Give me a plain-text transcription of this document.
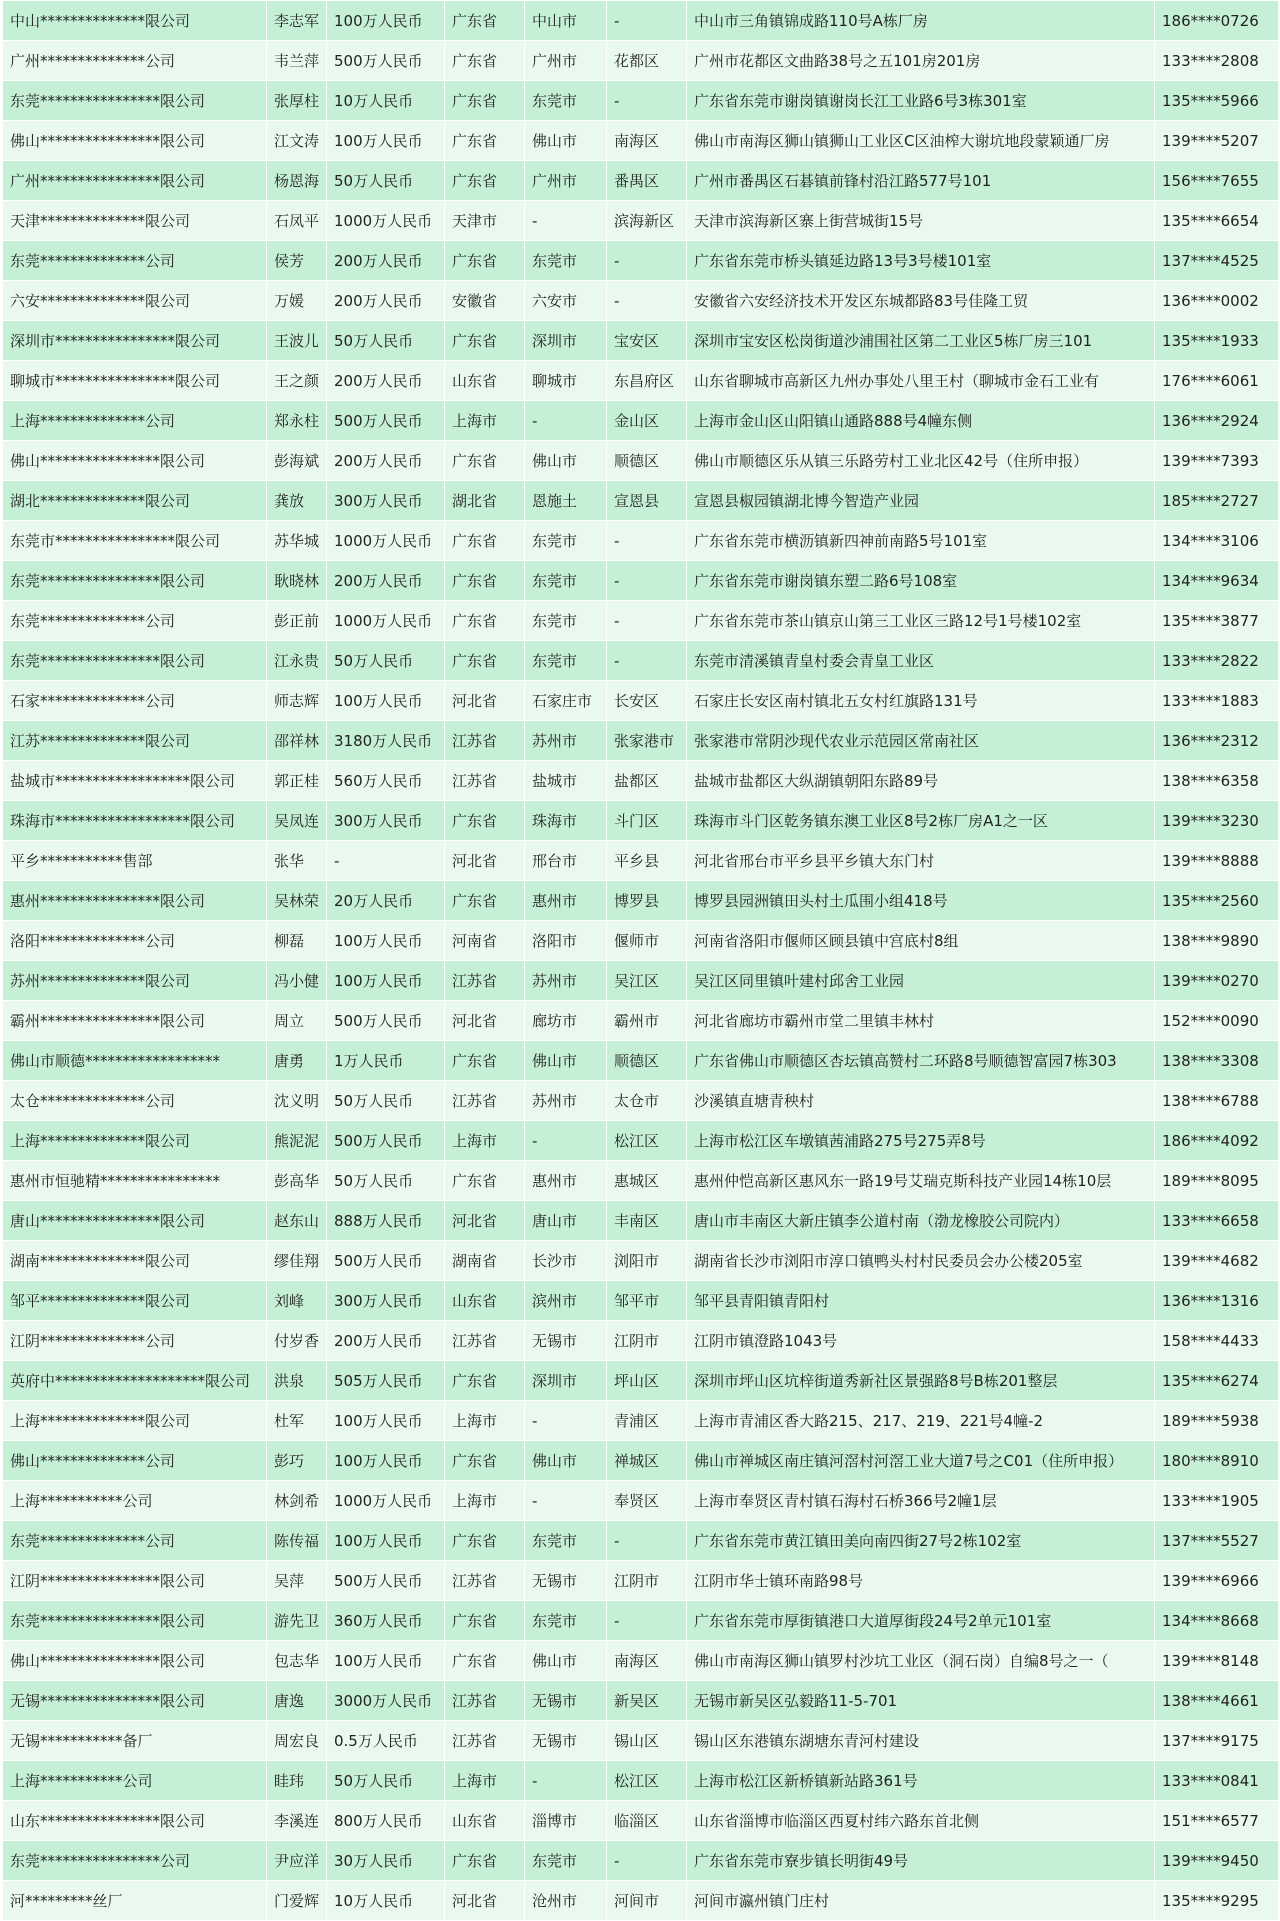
中山**************限公司	李志军	100万人民币	广东省	中山市	-	中山市三角镇锦成路110号A栋厂房	186****0726
广州**************公司	韦兰萍	500万人民币	广东省	广州市	花都区	广州市花都区文曲路38号之五101房201房	133****2808
东莞****************限公司	张厚柱	10万人民币	广东省	东莞市	-	广东省东莞市谢岗镇谢岗长江工业路6号3栋301室	135****5966
佛山****************限公司	江文涛	100万人民币	广东省	佛山市	南海区	佛山市南海区狮山镇狮山工业区C区油榨大谢坑地段蒙颖通厂房	139****5207
广州****************限公司	杨恩海	50万人民币	广东省	广州市	番禺区	广州市番禺区石碁镇前锋村沿江路577号101	156****7655
天津**************限公司	石凤平	1000万人民币	天津市	-	滨海新区	天津市滨海新区寨上街营城街15号	135****6654
东莞**************公司	侯芳	200万人民币	广东省	东莞市	-	广东省东莞市桥头镇延边路13号3号楼101室	137****4525
六安**************限公司	万媛	200万人民币	安徽省	六安市	-	安徽省六安经济技术开发区东城都路83号佳隆工贸	136****0002
深圳市****************限公司	王波儿	50万人民币	广东省	深圳市	宝安区	深圳市宝安区松岗街道沙浦围社区第二工业区5栋厂房三101	135****1933
聊城市****************限公司	王之颜	200万人民币	山东省	聊城市	东昌府区	山东省聊城市高新区九州办事处八里王村（聊城市金石工业有	176****6061
上海**************公司	郑永柱	500万人民币	上海市	-	金山区	上海市金山区山阳镇山通路888号4幢东侧	136****2924
佛山****************限公司	彭海斌	200万人民币	广东省	佛山市	顺德区	佛山市顺德区乐从镇三乐路劳村工业北区42号（住所申报）	139****7393
湖北**************限公司	龚放	300万人民币	湖北省	恩施土	宣恩县	宣恩县椒园镇湖北博今智造产业园	185****2727
东莞市****************限公司	苏华城	1000万人民币	广东省	东莞市	-	广东省东莞市横沥镇新四神前南路5号101室	134****3106
东莞****************限公司	耿晓林	200万人民币	广东省	东莞市	-	广东省东莞市谢岗镇东塑二路6号108室	134****9634
东莞**************公司	彭正前	1000万人民币	广东省	东莞市	-	广东省东莞市茶山镇京山第三工业区三路12号1号楼102室	135****3877
东莞****************限公司	江永贵	50万人民币	广东省	东莞市	-	东莞市清溪镇青皇村委会青皇工业区	133****2822
石家**************公司	师志辉	100万人民币	河北省	石家庄市	长安区	石家庄长安区南村镇北五女村红旗路131号	133****1883
江苏**************限公司	邵祥林	3180万人民币	江苏省	苏州市	张家港市	张家港市常阴沙现代农业示范园区常南社区	136****2312
盐城市******************限公司	郭正桂	560万人民币	江苏省	盐城市	盐都区	盐城市盐都区大纵湖镇朝阳东路89号	138****6358
珠海市******************限公司	吴凤连	300万人民币	广东省	珠海市	斗门区	珠海市斗门区乾务镇东澳工业区8号2栋厂房A1之一区	139****3230
平乡***********售部	张华	-	河北省	邢台市	平乡县	河北省邢台市平乡县平乡镇大东门村	139****8888
惠州****************限公司	吴林荣	20万人民币	广东省	惠州市	博罗县	博罗县园洲镇田头村土瓜围小组418号	135****2560
洛阳**************公司	柳磊	100万人民币	河南省	洛阳市	偃师市	河南省洛阳市偃师区顾县镇中宫底村8组	138****9890
苏州**************限公司	冯小健	100万人民币	江苏省	苏州市	吴江区	吴江区同里镇叶建村邱舍工业园	139****0270
霸州****************限公司	周立	500万人民币	河北省	廊坊市	霸州市	河北省廊坊市霸州市堂二里镇丰林村	152****0090
佛山市顺德******************	唐勇	1万人民币	广东省	佛山市	顺德区	广东省佛山市顺德区杏坛镇高赞村二环路8号顺德智富园7栋303	138****3308
太仓**************公司	沈义明	50万人民币	江苏省	苏州市	太仓市	沙溪镇直塘青秧村	138****6788
上海**************限公司	熊泥泥	500万人民币	上海市	-	松江区	上海市松江区车墩镇茜浦路275号275弄8号	186****4092
惠州市恒驰精****************	彭高华	50万人民币	广东省	惠州市	惠城区	惠州仲恺高新区惠风东一路19号艾瑞克斯科技产业园14栋10层	189****8095
唐山****************限公司	赵东山	888万人民币	河北省	唐山市	丰南区	唐山市丰南区大新庄镇李公道村南（渤龙橡胶公司院内）	133****6658
湖南**************限公司	缪佳翔	500万人民币	湖南省	长沙市	浏阳市	湖南省长沙市浏阳市淳口镇鸭头村村民委员会办公楼205室	139****4682
邹平**************限公司	刘峰	300万人民币	山东省	滨州市	邹平市	邹平县青阳镇青阳村	136****1316
江阴**************公司	付岁香	200万人民币	江苏省	无锡市	江阴市	江阴市镇澄路1043号	158****4433
英府中********************限公司	洪泉	505万人民币	广东省	深圳市	坪山区	深圳市坪山区坑梓街道秀新社区景强路8号B栋201整层	135****6274
上海**************限公司	杜军	100万人民币	上海市	-	青浦区	上海市青浦区香大路215、217、219、221号4幢-2	189****5938
佛山**************公司	彭巧	100万人民币	广东省	佛山市	禅城区	佛山市禅城区南庄镇河滘村河滘工业大道7号之C01（住所申报）	180****8910
上海***********公司	林剑希	1000万人民币	上海市	-	奉贤区	上海市奉贤区青村镇石海村石桥366号2幢1层	133****1905
东莞**************公司	陈传福	100万人民币	广东省	东莞市	-	广东省东莞市黄江镇田美向南四街27号2栋102室	137****5527
江阴****************限公司	吴萍	500万人民币	江苏省	无锡市	江阴市	江阴市华士镇环南路98号	139****6966
东莞****************限公司	游先卫	360万人民币	广东省	东莞市	-	广东省东莞市厚街镇港口大道厚街段24号2单元101室	134****8668
佛山****************限公司	包志华	100万人民币	广东省	佛山市	南海区	佛山市南海区狮山镇罗村沙坑工业区（洞石岗）自编8号之一（	139****8148
无锡****************限公司	唐逸	3000万人民币	江苏省	无锡市	新吴区	无锡市新吴区弘毅路11-5-701	138****4661
无锡***********备厂	周宏良	0.5万人民币	江苏省	无锡市	锡山区	锡山区东港镇东湖塘东青河村建设	137****9175
上海***********公司	眭玮	50万人民币	上海市	-	松江区	上海市松江区新桥镇新站路361号	133****0841
山东****************限公司	李溪连	800万人民币	山东省	淄博市	临淄区	山东省淄博市临淄区西夏村纬六路东首北侧	151****6577
东莞****************公司	尹应洋	30万人民币	广东省	东莞市	-	广东省东莞市寮步镇长明街49号	139****9450
河*********丝厂	门爱辉	10万人民币	河北省	沧州市	河间市	河间市瀛州镇门庄村	135****9295
